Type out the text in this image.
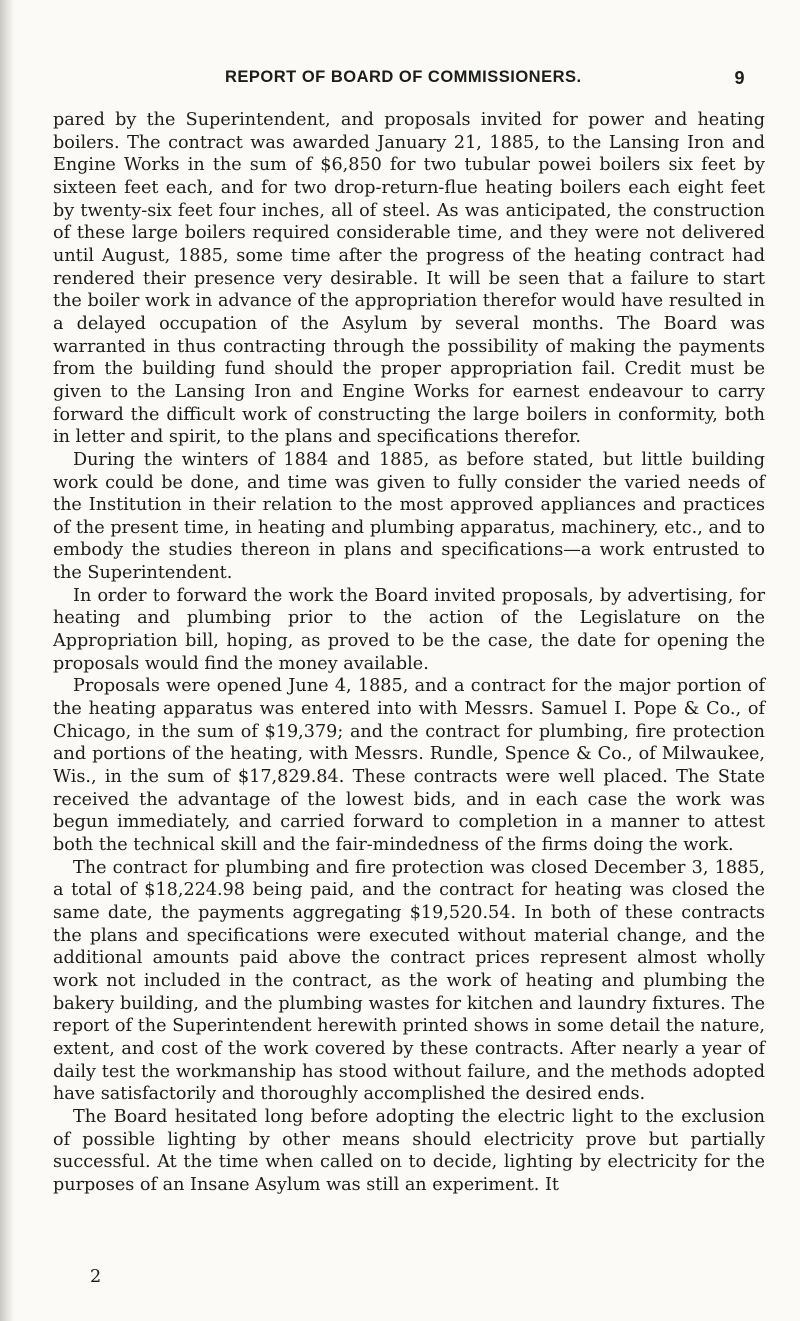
REPORT OF BOARD OF COMMISSIONERS.	9

pared by the Superintendent, and proposals invited for power and heating boilers. The contract was awarded January 21, 1885, to the Lansing Iron and Engine Works in the sum of $6,850 for two tubular powei boilers six feet by sixteen feet each, and for two drop-return-flue heating boilers each eight feet by twenty-six feet four inches, all of steel. As was anticipated, the construction of these large boilers required considerable time, and they were not delivered until August, 1885, some time after the progress of the heating contract had rendered their presence very desirable. It will be seen that a failure to start the boiler work in advance of the appropriation therefor would have resulted in a delayed occupation of the Asylum by several months. The Board was warranted in thus contracting through the possibility of making the payments from the building fund should the proper appropriation fail. Credit must be given to the Lansing Iron and Engine Works for earnest endeavour to carry forward the difficult work of constructing the large boilers in conformity, both in letter and spirit, to the plans and specifications therefor.

During the winters of 1884 and 1885, as before stated, but little building work could be done, and time was given to fully consider the varied needs of the Institution in their relation to the most approved appliances and practices of the present time, in heating and plumbing apparatus, machinery, etc., and to embody the studies thereon in plans and specifications—a work entrusted to the Superintendent.

In order to forward the work the Board invited proposals, by advertising, for heating and plumbing prior to the action of the Legislature on the Appropriation bill, hoping, as proved to be the case, the date for opening the proposals would find the money available.

Proposals were opened June 4, 1885, and a contract for the major portion of the heating apparatus was entered into with Messrs. Samuel I. Pope & Co., of Chicago, in the sum of $19,379; and the contract for plumbing, fire protection and portions of the heating, with Messrs. Rundle, Spence & Co., of Milwaukee, Wis., in the sum of $17,829.84. These contracts were well placed. The State received the advantage of the lowest bids, and in each case the work was begun immediately, and carried forward to completion in a manner to attest both the technical skill and the fair-mindedness of the firms doing the work.

The contract for plumbing and fire protection was closed December 3, 1885, a total of $18,224.98 being paid, and the contract for heating was closed the same date, the payments aggregating $19,520.54. In both of these contracts the plans and specifications were executed without material change, and the additional amounts paid above the contract prices represent almost wholly work not included in the contract, as the work of heating and plumbing the bakery building, and the plumbing wastes for kitchen and laundry fixtures. The report of the Superintendent herewith printed shows in some detail the nature, extent, and cost of the work covered by these contracts. After nearly a year of daily test the workmanship has stood without failure, and the methods adopted have satisfactorily and thoroughly accomplished the desired ends.

The Board hesitated long before adopting the electric light to the exclusion of possible lighting by other means should electricity prove but partially successful. At the time when called on to decide, lighting by electricity for the purposes of an Insane Asylum was still an experiment. It

2
